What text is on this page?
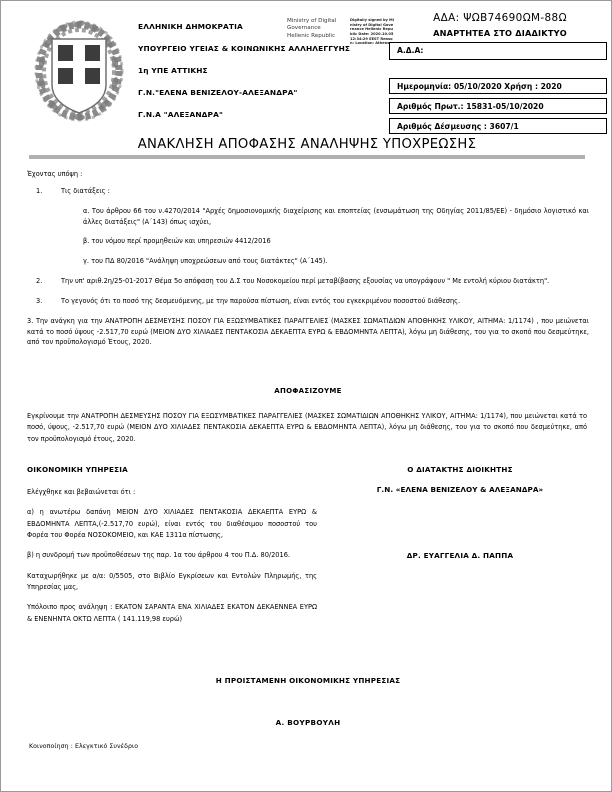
ΕΛΛΗΝΙΚΗ ΔΗΜΟΚΡΑΤΙΑ
ΥΠΟΥΡΓΕΙΟ ΥΓΕΙΑΣ & ΚΟΙΝΩΝΙΚΗΣ ΑΛΛΗΛΕΓΓΥΗΣ
1η ΥΠΕ ΑΤΤΙΚΗΣ
Γ.Ν."ΕΛΕΝΑ ΒΕΝΙΖΕΛΟΥ-ΑΛΕΞΑΝΔΡΑ"
Γ.Ν.Α "ΑΛΕΞΑΝΔΡΑ"
Ministry of Digital
Governance
Hellenic Republic
Digitally signed by Ministry of Digital Governance Hellenic Republic Date: 2020.10.05 12:34:29 EEST Reason: Location: Athens
ΑΔΑ: ΨΩΒ74690ΩΜ-88Ω
ΑΝΑΡΤΗΤΕΑ ΣΤΟ ΔΙΑΔΙΚΤΥΟ
Α.Δ.Α:
Ημερομηνία: 05/10/2020 Χρήση : 2020
Αριθμός Πρωτ.: 15831-05/10/2020
Αριθμός Δέσμευσης : 3607/1
ΑΝΑΚΛΗΣΗ ΑΠΟΦΑΣΗΣ ΑΝΑΛΗΨΗΣ ΥΠΟΧΡΕΩΣΗΣ
Έχοντας υπόψη :
1.	Τις διατάξεις :
α. Του άρθρου 66 του ν.4270/2014 "Αρχές δημοσιονομικής διαχείρισης και εποπτείας (ενσωμάτωση της Οδηγίας 2011/85/ΕΕ) - δημόσιο λογιστικό και άλλες διατάξεις" (Α΄143) όπως ισχύει,
β. του νόμου περί προμηθειών και υπηρεσιών 4412/2016
γ. του ΠΔ 80/2016 "Ανάληψη υποχρεώσεων από τους διατάκτες" (Α΄145).
2.	Την υπ' αριθ.2η/25-01-2017 Θέμα 5ο απόφαση του Δ.Σ του Νοσοκομείου περί μεταβίβασης εξουσίας να υπογράφουν " Με εντολή κύριου διατάκτη".
3.	Το γεγονός ότι το ποσό της δεσμευόμενης, με την παρούσα πίστωση, είναι εντός του εγκεκριμένου ποσοστού διάθεσης.
3. Την ανάγκη για την ΑΝΑΤΡΟΠΗ ΔΕΣΜΕΥΣΗΣ ΠΟΣΟΥ ΓΙΑ ΕΞΩΣΥΜΒΑΤΙΚΕΣ ΠΑΡΑΓΓΕΛΙΕΣ (ΜΑΣΚΕΣ ΣΩΜΑΤΙΔΙΩΝ ΑΠΟΘΗΚΗΣ ΥΛΙΚΟΥ, ΑΙΤΗΜΑ: 1/1174) , που μειώνεται κατά το ποσό ύψους -2.517,70 ευρώ (ΜΕΙΟΝ ΔΥΟ ΧΙΛΙΑΔΕΣ ΠΕΝΤΑΚΟΣΙΑ ΔΕΚΑΕΠΤΑ ΕΥΡΩ & ΕΒΔΟΜΗΝΤΑ ΛΕΠΤΑ), λόγω μη διάθεσης, του για το σκοπό που δεσμεύτηκε, από τον προϋπολογισμό Έτους, 2020.
ΑΠΟΦΑΣΙΖΟΥΜΕ
Εγκρίνουμε την ΑΝΑΤΡΟΠΗ ΔΕΣΜΕΥΣΗΣ ΠΟΣΟΥ ΓΙΑ ΕΞΩΣΥΜΒΑΤΙΚΕΣ ΠΑΡΑΓΓΕΛΙΕΣ (ΜΑΣΚΕΣ ΣΩΜΑΤΙΔΙΩΝ ΑΠΟΘΗΚΗΣ ΥΛΙΚΟΥ, ΑΙΤΗΜΑ: 1/1174), που μειώνεται κατά το ποσό, ύψους, -2.517,70 ευρώ (ΜΕΙΟΝ ΔΥΟ ΧΙΛΙΑΔΕΣ ΠΕΝΤΑΚΟΣΙΑ ΔΕΚΑΕΠΤΑ ΕΥΡΩ & ΕΒΔΟΜΗΝΤΑ ΛΕΠΤΑ), λόγω μη διάθεσης, του για το σκοπό που δεσμεύτηκε, από τον προϋπολογισμό έτους, 2020.
ΟΙΚΟΝΟΜΙΚΗ ΥΠΗΡΕΣΙΑ
Ελέγχθηκε και βεβαιώνεται ότι :
α) η ανωτέρω δαπάνη ΜΕΙΟΝ ΔΥΟ ΧΙΛΙΑΔΕΣ ΠΕΝΤΑΚΟΣΙΑ ΔΕΚΑΕΠΤΑ ΕΥΡΩ & ΕΒΔΟΜΗΝΤΑ ΛΕΠΤΑ,(-2.517,70 ευρώ), είναι εντός του διαθέσιμου ποσοστού του Φορέα του Φορέα ΝΟΣΟΚΟΜΕΙΟ, και ΚΑΕ 1311α πίστωσης,
β) η συνδρομή των προϋποθέσεων της παρ. 1α του άρθρου 4 του Π.Δ. 80/2016.
Καταχωρήθηκε με α/α: 0/5505, στο Βιβλίο Εγκρίσεων και Εντολών Πληρωμής, της Υπηρεσίας μας,
Υπόλοιπο προς ανάληψη : ΕΚΑΤΟΝ ΣΑΡΑΝΤΑ ΕΝΑ ΧΙΛΙΑΔΕΣ ΕΚΑΤΟΝ ΔΕΚΑΕΝΝΕΑ ΕΥΡΩ & ΕΝΕΝΗΝΤΑ ΟΚΤΩ ΛΕΠΤΑ ( 141.119,98 ευρώ)
Ο ΔΙΑΤΑΚΤΗΣ ΔΙΟΙΚΗΤΗΣ
Γ.Ν. «ΕΛΕΝΑ ΒΕΝΙΖΕΛΟΥ & ΑΛΕΞΑΝΔΡΑ»
ΔΡ. ΕΥΑΓΓΕΛΙΑ Δ. ΠΑΠΠΑ
Η ΠΡΟΙΣΤΑΜΕΝΗ ΟΙΚΟΝΟΜΙΚΗΣ ΥΠΗΡΕΣΙΑΣ
Α. ΒΟΥΡΒΟΥΛΗ
Κοινοποίηση : Ελεγκτικό Συνέδριο
